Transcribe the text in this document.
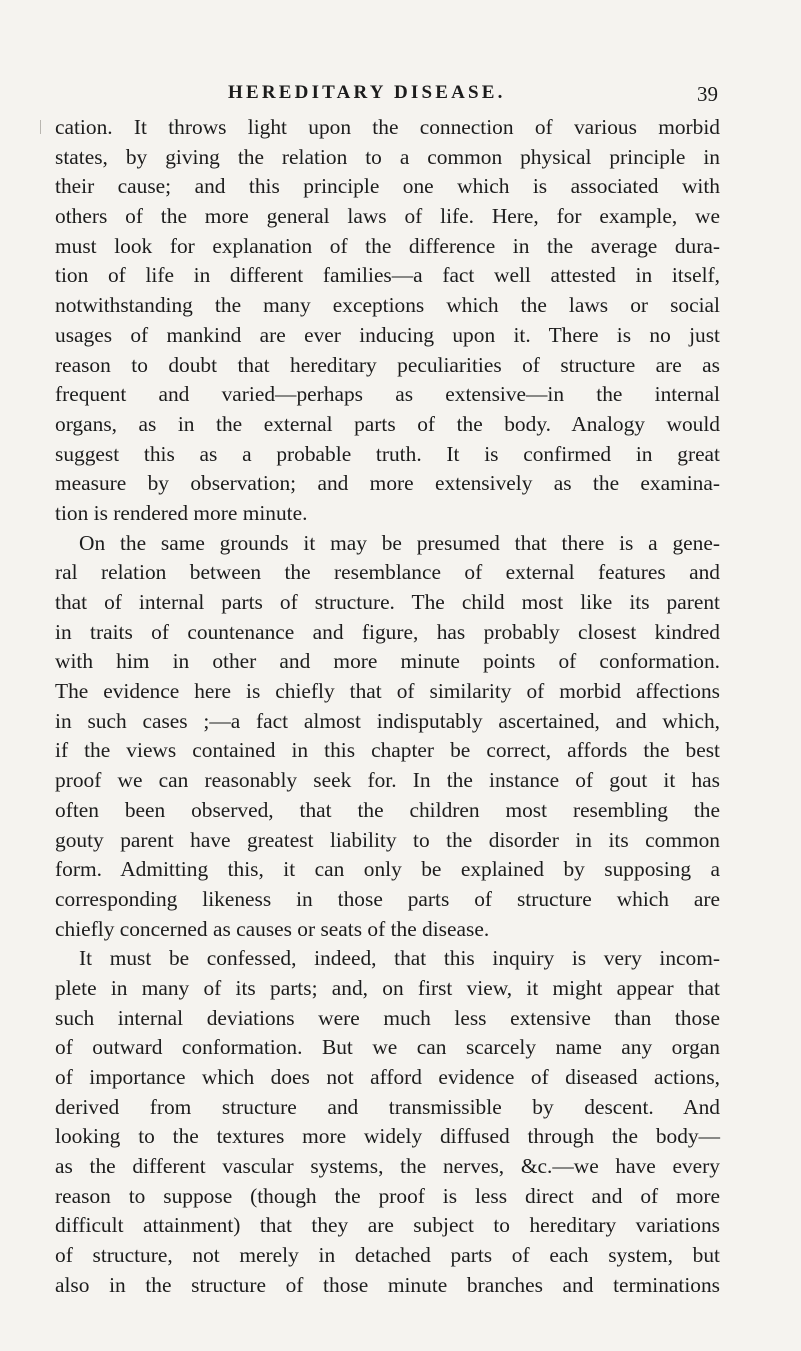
HEREDITARY DISEASE.	39
cation. It throws light upon the connection of various morbid
states, by giving the relation to a common physical principle in
their cause; and this principle one which is associated with
others of the more general laws of life. Here, for example, we
must look for explanation of the difference in the average dura-
tion of life in different families—a fact well attested in itself,
notwithstanding the many exceptions which the laws or social
usages of mankind are ever inducing upon it. There is no just
reason to doubt that hereditary peculiarities of structure are as
frequent and varied—perhaps as extensive—in the internal
organs, as in the external parts of the body. Analogy would
suggest this as a probable truth. It is confirmed in great
measure by observation; and more extensively as the examina-
tion is rendered more minute.
On the same grounds it may be presumed that there is a gene-
ral relation between the resemblance of external features and
that of internal parts of structure. The child most like its parent
in traits of countenance and figure, has probably closest kindred
with him in other and more minute points of conformation.
The evidence here is chiefly that of similarity of morbid affections
in such cases ;—a fact almost indisputably ascertained, and which,
if the views contained in this chapter be correct, affords the best
proof we can reasonably seek for. In the instance of gout it has
often been observed, that the children most resembling the
gouty parent have greatest liability to the disorder in its common
form. Admitting this, it can only be explained by supposing a
corresponding likeness in those parts of structure which are
chiefly concerned as causes or seats of the disease.
It must be confessed, indeed, that this inquiry is very incom-
plete in many of its parts; and, on first view, it might appear that
such internal deviations were much less extensive than those
of outward conformation. But we can scarcely name any organ
of importance which does not afford evidence of diseased actions,
derived from structure and transmissible by descent. And
looking to the textures more widely diffused through the body—
as the different vascular systems, the nerves, &c.—we have every
reason to suppose (though the proof is less direct and of more
difficult attainment) that they are subject to hereditary variations
of structure, not merely in detached parts of each system, but
also in the structure of those minute branches and terminations
